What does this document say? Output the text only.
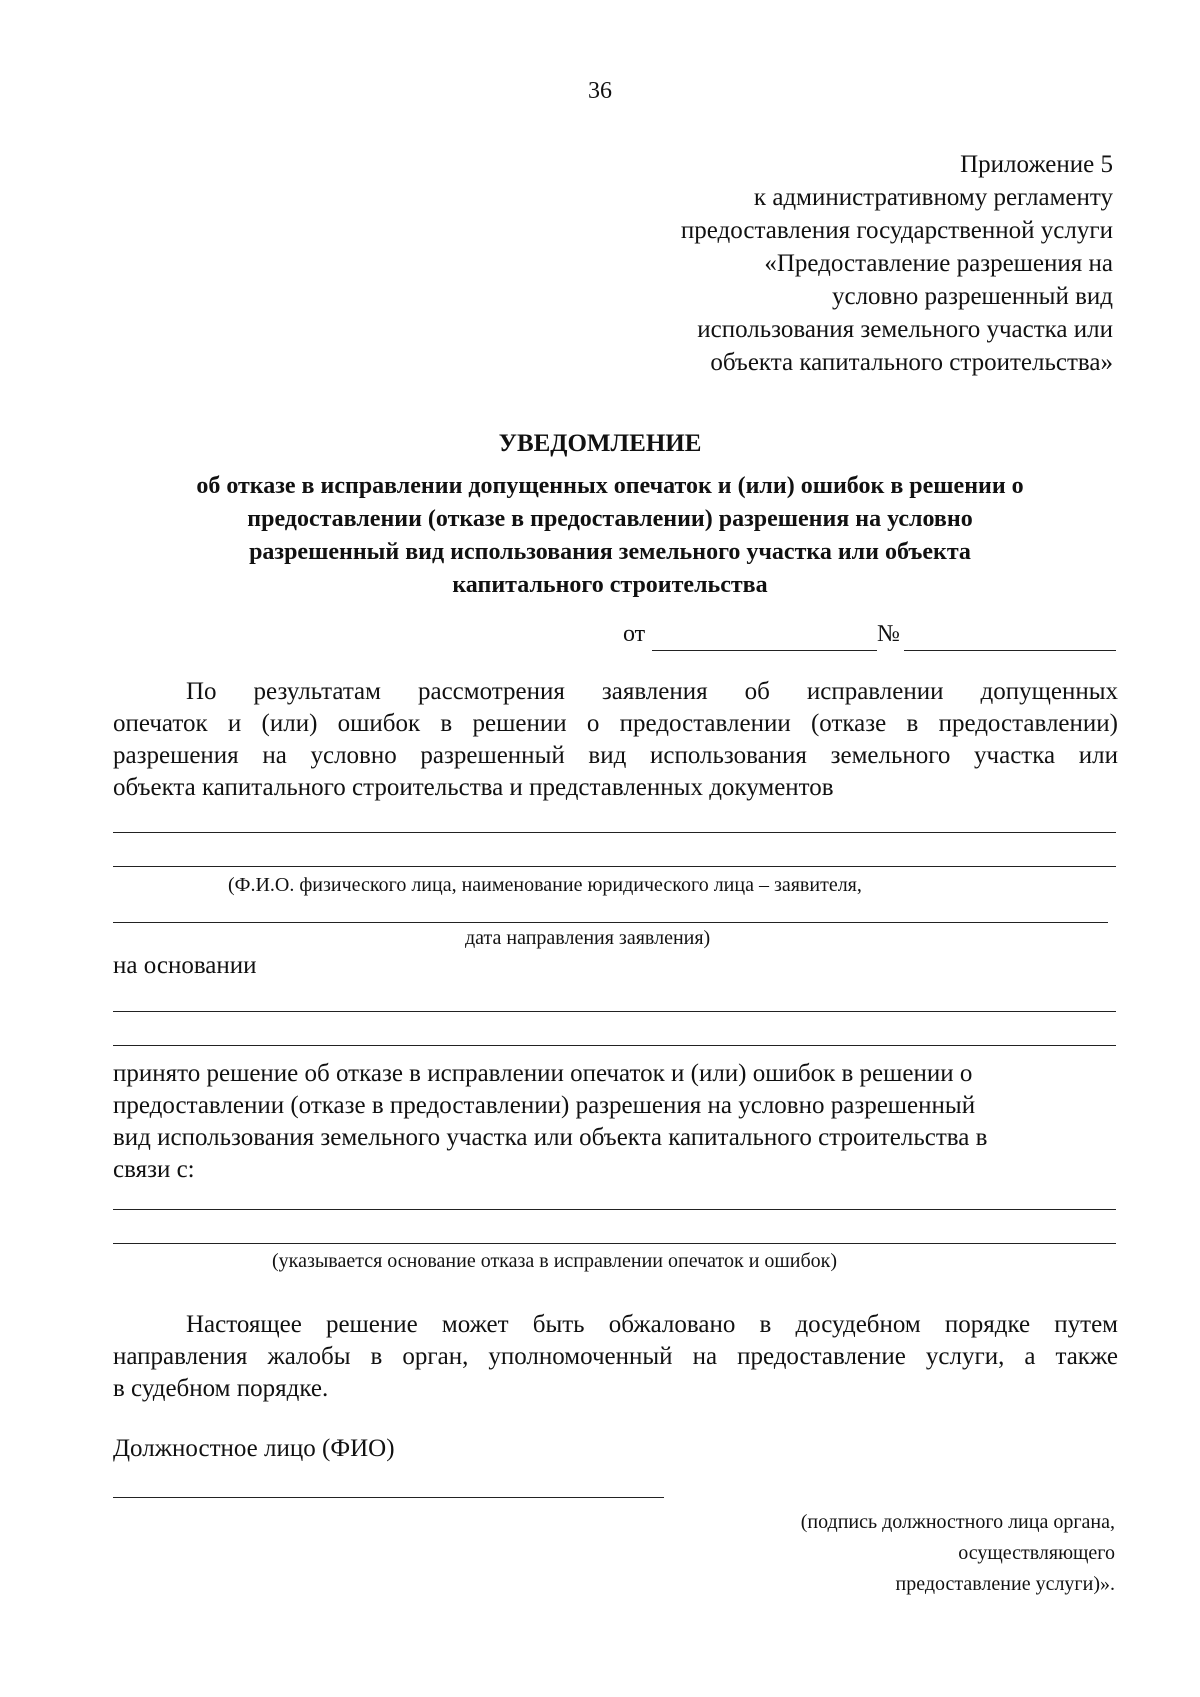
36
Приложение 5
к административному регламенту
предоставления государственной услуги
«Предоставление разрешения на
условно разрешенный вид
использования земельного участка или
объекта капитального строительства»
УВЕДОМЛЕНИЕ
об отказе в исправлении допущенных опечаток и (или) ошибок в решении о
предоставлении (отказе в предоставлении) разрешения на условно
разрешенный вид использования земельного участка или объекта
капитального строительства
от	№
По результатам рассмотрения заявления об исправлении допущенных
опечаток и (или) ошибок в решении о предоставлении (отказе в предоставлении)
разрешения на условно разрешенный вид использования земельного участка или
объекта капитального строительства и представленных документов
(Ф.И.О. физического лица, наименование юридического лица – заявителя,
дата направления заявления)
на основании
принято решение об отказе в исправлении опечаток и (или) ошибок в решении о
предоставлении (отказе в предоставлении) разрешения на условно разрешенный
вид использования земельного участка или объекта капитального строительства в
связи с:
(указывается основание отказа в исправлении опечаток и ошибок)
Настоящее решение может быть обжаловано в досудебном порядке путем
направления жалобы в орган, уполномоченный на предоставление услуги, а также
в судебном порядке.
Должностное лицо (ФИО)
(подпись должностного лица органа,
осуществляющего
предоставление услуги)».
